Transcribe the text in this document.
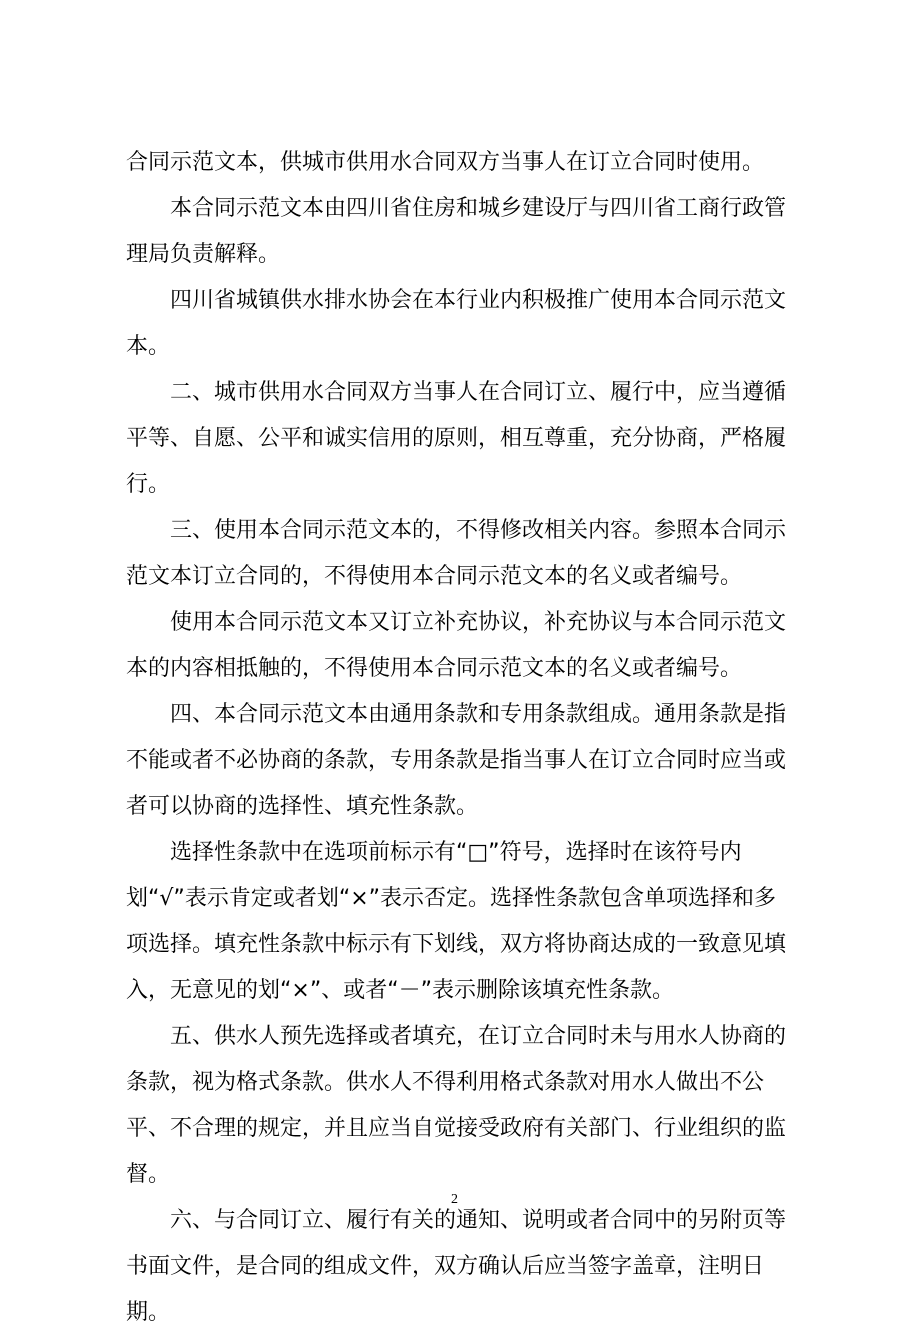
合同示范文本，供城市供用水合同双方当事人在订立合同时使用。

本合同示范文本由四川省住房和城乡建设厅与四川省工商行政管理局负责解释。

四川省城镇供水排水协会在本行业内积极推广使用本合同示范文本。

二、城市供用水合同双方当事人在合同订立、履行中，应当遵循平等、自愿、公平和诚实信用的原则，相互尊重，充分协商，严格履行。

三、使用本合同示范文本的，不得修改相关内容。参照本合同示范文本订立合同的，不得使用本合同示范文本的名义或者编号。

使用本合同示范文本又订立补充协议，补充协议与本合同示范文本的内容相抵触的，不得使用本合同示范文本的名义或者编号。

四、本合同示范文本由通用条款和专用条款组成。通用条款是指不能或者不必协商的条款，专用条款是指当事人在订立合同时应当或者可以协商的选择性、填充性条款。

选择性条款中在选项前标示有“□”符号，选择时在该符号内划“√”表示肯定或者划“×”表示否定。选择性条款包含单项选择和多项选择。填充性条款中标示有下划线，双方将协商达成的一致意见填入，无意见的划“×”、或者“－”表示删除该填充性条款。

五、供水人预先选择或者填充，在订立合同时未与用水人协商的条款，视为格式条款。供水人不得利用格式条款对用水人做出不公平、不合理的规定，并且应当自觉接受政府有关部门、行业组织的监督。

六、与合同订立、履行有关的通知、说明或者合同中的另附页等书面文件，是合同的组成文件，双方确认后应当签字盖章，注明日期。

2
